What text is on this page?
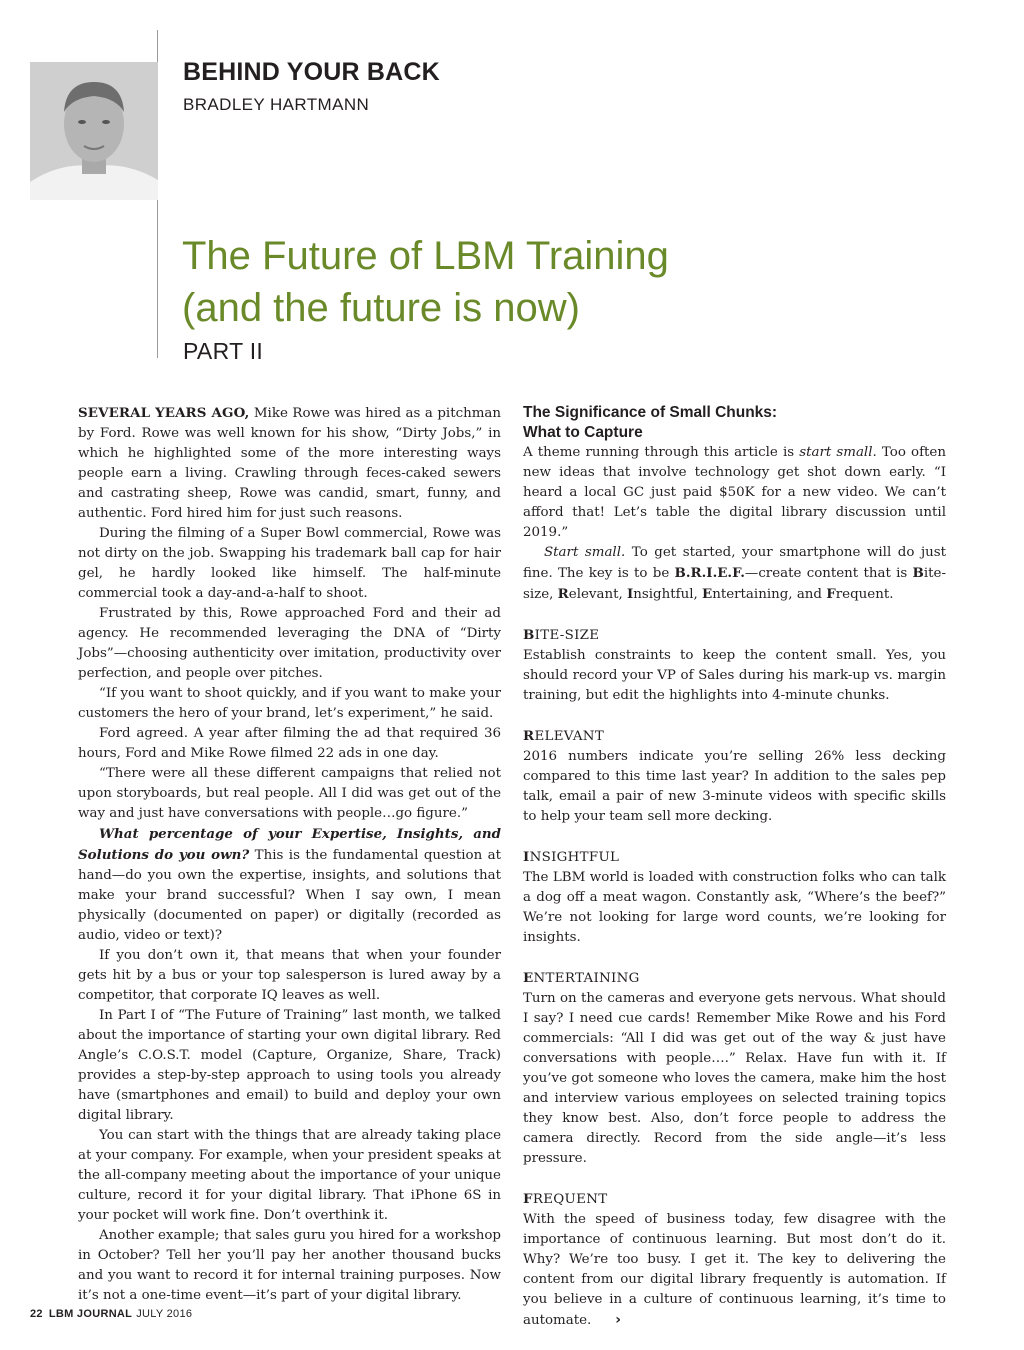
BEHIND YOUR BACK
BRADLEY HARTMANN
The Future of LBM Training
(and the future is now)
PART II

SEVERAL YEARS AGO, Mike Rowe was hired as a pitchman by Ford. Rowe was well known for his show, “Dirty Jobs,” in which he highlighted some of the more interesting ways people earn a living. Crawling through feces-caked sewers and castrating sheep, Rowe was candid, smart, funny, and authentic. Ford hired him for just such reasons.

During the filming of a Super Bowl commercial, Rowe was not dirty on the job. Swapping his trademark ball cap for hair gel, he hardly looked like himself. The half-minute commercial took a day-and-a-half to shoot.

Frustrated by this, Rowe approached Ford and their ad agency. He recommended leveraging the DNA of “Dirty Jobs”—choosing authenticity over imitation, productivity over perfection, and people over pitches.

“If you want to shoot quickly, and if you want to make your customers the hero of your brand, let’s experiment,” he said.

Ford agreed. A year after filming the ad that required 36 hours, Ford and Mike Rowe filmed 22 ads in one day.

“There were all these different campaigns that relied not upon storyboards, but real people. All I did was get out of the way and just have conversations with people…go figure.”

What percentage of your Expertise, Insights, and Solutions do you own? This is the fundamental question at hand—do you own the expertise, insights, and solutions that make your brand successful? When I say own, I mean physically (documented on paper) or digitally (recorded as audio, video or text)?

If you don’t own it, that means that when your founder gets hit by a bus or your top salesperson is lured away by a competitor, that corporate IQ leaves as well.

In Part I of “The Future of Training” last month, we talked about the importance of starting your own digital library. Red Angle’s C.O.S.T. model (Capture, Organize, Share, Track) provides a step-by-step approach to using tools you already have (smartphones and email) to build and deploy your own digital library.

You can start with the things that are already taking place at your company. For example, when your president speaks at the all-company meeting about the importance of your unique culture, record it for your digital library. That iPhone 6S in your pocket will work fine. Don’t overthink it.

Another example; that sales guru you hired for a workshop in October? Tell her you’ll pay her another thousand bucks and you want to record it for internal training purposes. Now it’s not a one-time event—it’s part of your digital library.

The Significance of Small Chunks:
What to Capture

A theme running through this article is start small. Too often new ideas that involve technology get shot down early. “I heard a local GC just paid $50K for a new video. We can’t afford that! Let’s table the digital library discussion until 2019.”

Start small. To get started, your smartphone will do just fine. The key is to be B.R.I.E.F.—create content that is Bite-size, Relevant, Insightful, Entertaining, and Frequent.

BITE-SIZE

Establish constraints to keep the content small. Yes, you should record your VP of Sales during his mark-up vs. margin training, but edit the highlights into 4-minute chunks.

RELEVANT

2016 numbers indicate you’re selling 26% less decking compared to this time last year? In addition to the sales pep talk, email a pair of new 3-minute videos with specific skills to help your team sell more decking.

INSIGHTFUL

The LBM world is loaded with construction folks who can talk a dog off a meat wagon. Constantly ask, “Where’s the beef?” We’re not looking for large word counts, we’re looking for insights.

ENTERTAINING

Turn on the cameras and everyone gets nervous. What should I say? I need cue cards! Remember Mike Rowe and his Ford commercials: “All I did was get out of the way & just have conversations with people….” Relax. Have fun with it. If you’ve got someone who loves the camera, make him the host and interview various employees on selected training topics they know best. Also, don’t force people to address the camera directly. Record from the side angle—it’s less pressure.

FREQUENT

With the speed of business today, few disagree with the importance of continuous learning. But most don’t do it. Why? We’re too busy. I get it. The key to delivering the content from our digital library frequently is automation. If you believe in a culture of continuous learning, it’s time to automate. ›

22 LBM JOURNAL JULY 2016
